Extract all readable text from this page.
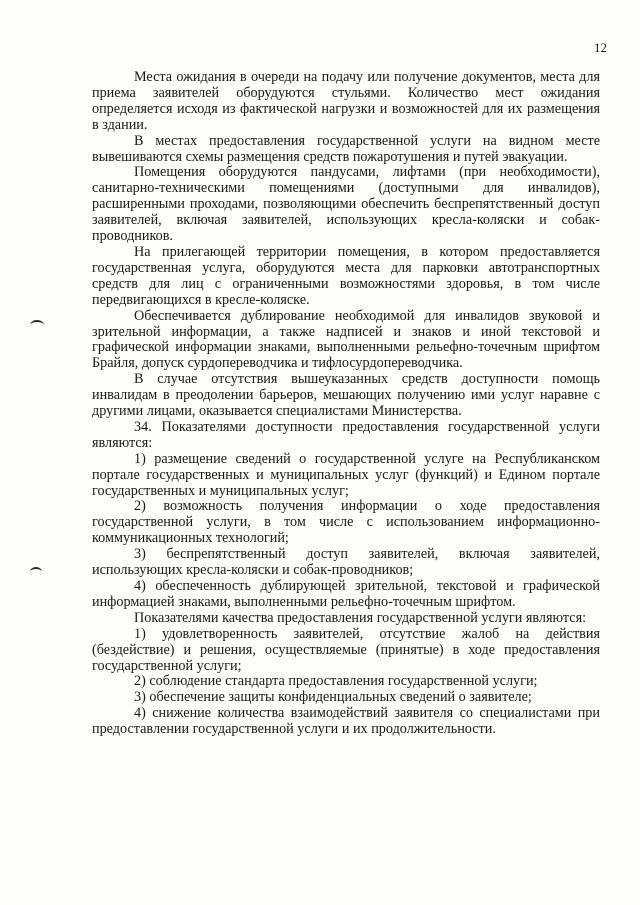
12

Места ожидания в очереди на подачу или получение документов, места для приема заявителей оборудуются стульями. Количество мест ожидания определяется исходя из фактической нагрузки и возможностей для их размещения в здании.

В местах предоставления государственной услуги на видном месте вывешиваются схемы размещения средств пожаротушения и путей эвакуации.

Помещения оборудуются пандусами, лифтами (при необходимости), санитарно-техническими помещениями (доступными для инвалидов), расширенными проходами, позволяющими обеспечить беспрепятственный доступ заявителей, включая заявителей, использующих кресла-коляски и собак-проводников.

На прилегающей территории помещения, в котором предоставляется государственная услуга, оборудуются места для парковки автотранспортных средств для лиц с ограниченными возможностями здоровья, в том числе передвигающихся в кресле-коляске.

Обеспечивается дублирование необходимой для инвалидов звуковой и зрительной информации, а также надписей и знаков и иной текстовой и графической информации знаками, выполненными рельефно-точечным шрифтом Брайля, допуск сурдопереводчика и тифлосурдопереводчика.

В случае отсутствия вышеуказанных средств доступности помощь инвалидам в преодолении барьеров, мешающих получению ими услуг наравне с другими лицами, оказывается специалистами Министерства.

34. Показателями доступности предоставления государственной услуги являются:

1) размещение сведений о государственной услуге на Республиканском портале государственных и муниципальных услуг (функций) и Едином портале государственных и муниципальных услуг;

2) возможность получения информации о ходе предоставления государственной услуги, в том числе с использованием информационно-коммуникационных технологий;

3) беспрепятственный доступ заявителей, включая заявителей, использующих кресла-коляски и собак-проводников;

4) обеспеченность дублирующей зрительной, текстовой и графической информацией знаками, выполненными рельефно-точечным шрифтом.

Показателями качества предоставления государственной услуги являются:

1) удовлетворенность заявителей, отсутствие жалоб на действия (бездействие) и решения, осуществляемые (принятые) в ходе предоставления государственной услуги;

2) соблюдение стандарта предоставления государственной услуги;

3) обеспечение защиты конфиденциальных сведений о заявителе;

4) снижение количества взаимодействий заявителя со специалистами при предоставлении государственной услуги и их продолжительности.
